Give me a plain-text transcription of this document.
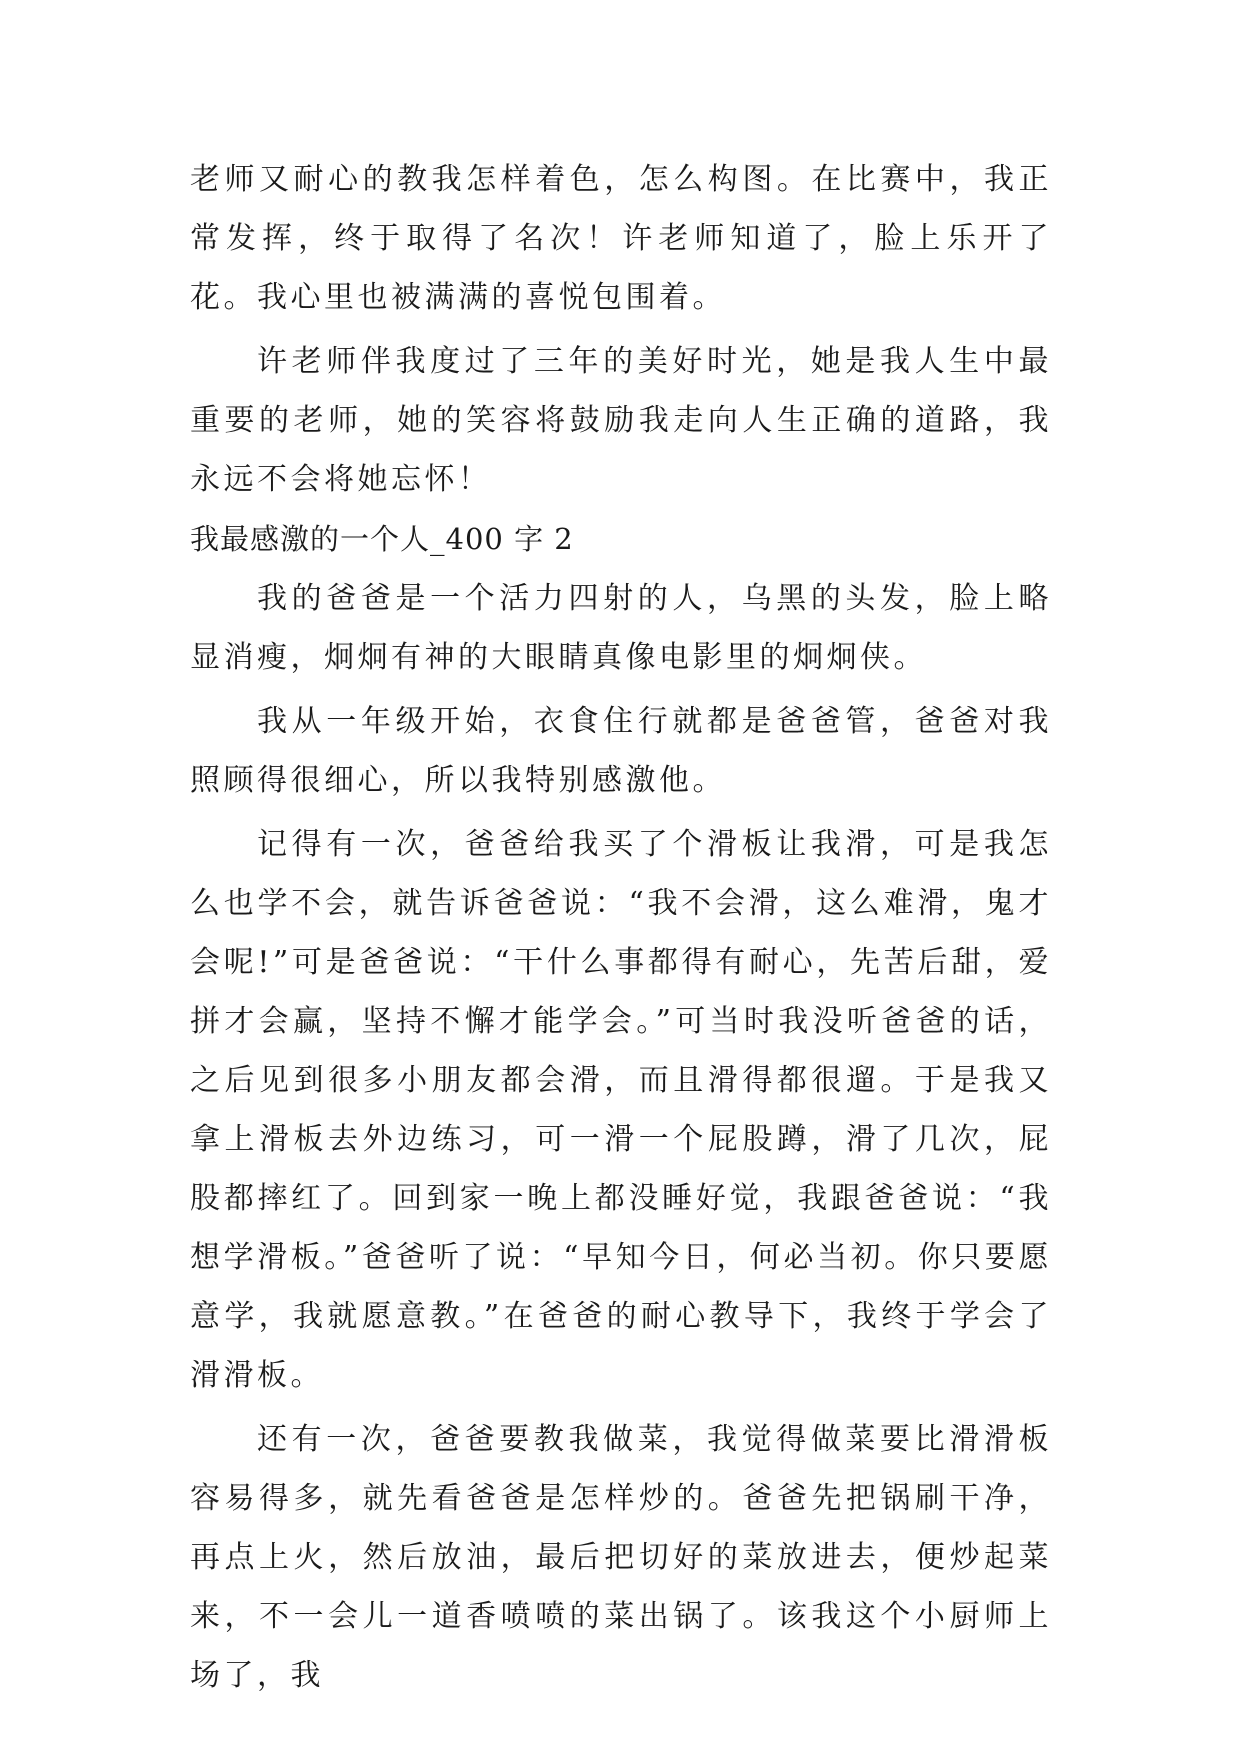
老师又耐心的教我怎样着色，怎么构图。在比赛中，我正常发挥，终于取得了名次！许老师知道了，脸上乐开了花。我心里也被满满的喜悦包围着。

许老师伴我度过了三年的美好时光，她是我人生中最重要的老师，她的笑容将鼓励我走向人生正确的道路，我永远不会将她忘怀！

我最感激的一个人_400 字 2

我的爸爸是一个活力四射的人，乌黑的头发，脸上略显消瘦，炯炯有神的大眼睛真像电影里的炯炯侠。

我从一年级开始，衣食住行就都是爸爸管，爸爸对我照顾得很细心，所以我特别感激他。

记得有一次，爸爸给我买了个滑板让我滑，可是我怎么也学不会，就告诉爸爸说：“我不会滑，这么难滑，鬼才会呢!”可是爸爸说：“干什么事都得有耐心，先苦后甜，爱拼才会赢，坚持不懈才能学会。”可当时我没听爸爸的话，之后见到很多小朋友都会滑，而且滑得都很遛。于是我又拿上滑板去外边练习，可一滑一个屁股蹲，滑了几次，屁股都摔红了。回到家一晚上都没睡好觉，我跟爸爸说：“我想学滑板。”爸爸听了说：“早知今日，何必当初。你只要愿意学，我就愿意教。”在爸爸的耐心教导下，我终于学会了滑滑板。

还有一次，爸爸要教我做菜，我觉得做菜要比滑滑板容易得多，就先看爸爸是怎样炒的。爸爸先把锅刷干净，再点上火，然后放油，最后把切好的菜放进去，便炒起菜来，不一会儿一道香喷喷的菜出锅了。该我这个小厨师上场了，我
